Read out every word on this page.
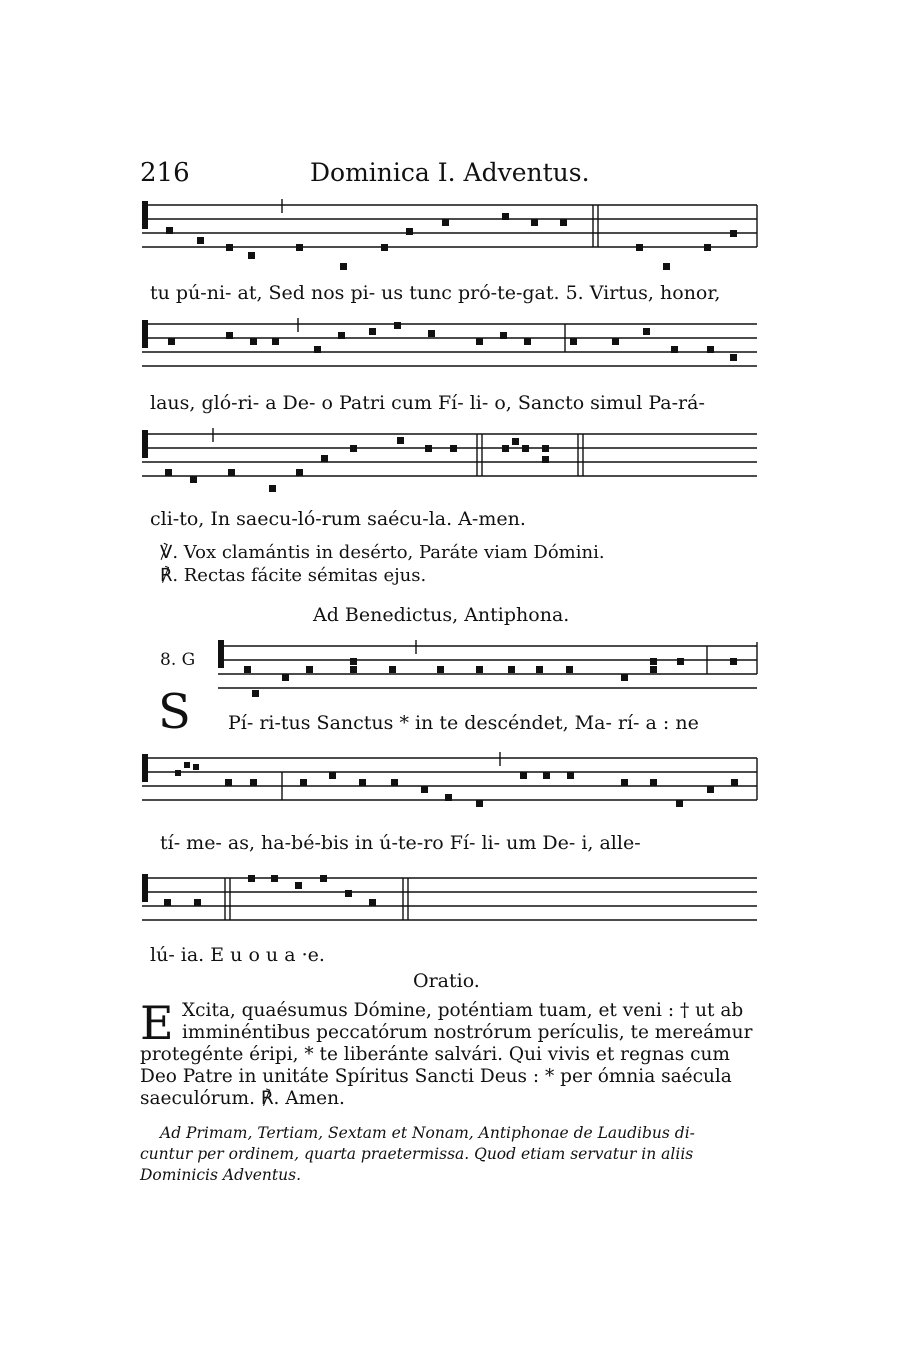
216	Dominica I. Adventus.
tu pú-ni- at, Sed nos pi- us tunc pró-te-gat. 5. Virtus, honor,
laus, gló-ri- a De- o Patri cum Fí- li- o, Sancto simul Pa-rá-
cli-to, In saecu-ló-rum saécu-la. A-men.
℣. Vox clamántis in desérto, Paráte viam Dómini.
℟. Rectas fácite sémitas ejus.
Ad Benedictus, Antiphona.
8. G
S Pí- ri-tus Sanctus * in te descéndet, Ma- rí- a : ne
tí- me- as, ha-bé-bis in ú-te-ro Fí- li- um De- i, alle-
lú- ia. E u o u a ·e.
Oratio.
E Xcita, quaésumus Dómine, poténtiam tuam, et veni : † ut ab
imminéntibus peccatórum nostrórum perículis, te mereámur
protegénte éripi, * te liberánte salvári. Qui vivis et regnas cum
Deo Patre in unitáte Spíritus Sancti Deus : * per ómnia saécula
saeculórum. ℟. Amen.
Ad Primam, Tertiam, Sextam et Nonam, Antiphonae de Laudibus di-
cuntur per ordinem, quarta praetermissa. Quod etiam servatur in aliis
Dominicis Adventus.
